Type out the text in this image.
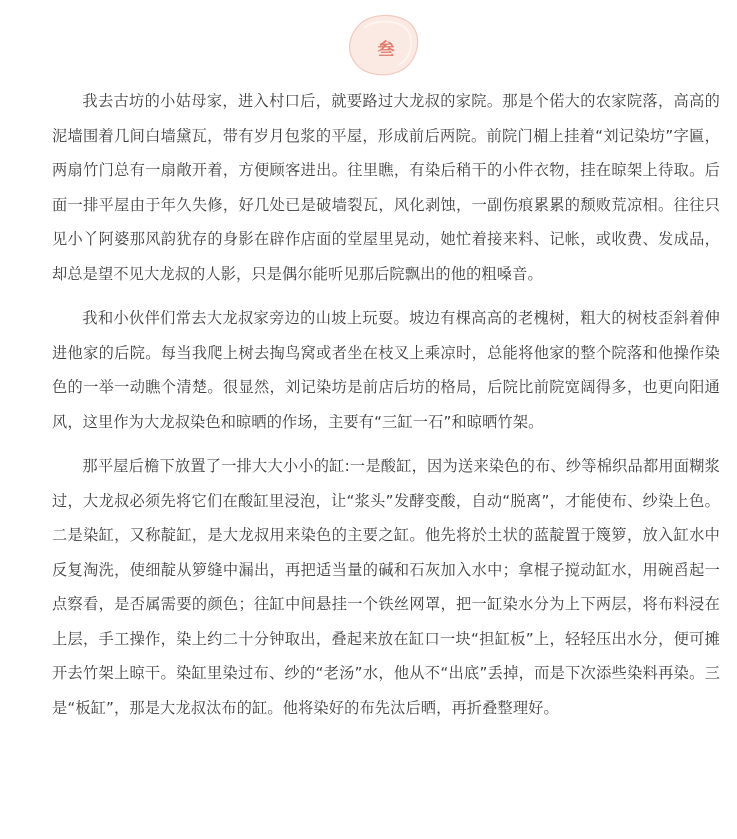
叁

我去古坊的小姑母家，进入村口后，就要路过大龙叔的家院。那是个偌大的农家院落，高高的泥墙围着几间白墙黛瓦，带有岁月包浆的平屋，形成前后两院。前院门楣上挂着“刘记染坊”字匾，两扇竹门总有一扇敞开着，方便顾客进出。往里瞧，有染后稍干的小件衣物，挂在晾架上待取。后面一排平屋由于年久失修，好几处已是破墙裂瓦，风化剥蚀，一副伤痕累累的颓败荒凉相。往往只见小丫阿婆那风韵犹存的身影在辟作店面的堂屋里晃动，她忙着接来料、记帐，或收费、发成品，却总是望不见大龙叔的人影，只是偶尔能听见那后院飘出的他的粗嗓音。

我和小伙伴们常去大龙叔家旁边的山坡上玩耍。坡边有棵高高的老槐树，粗大的树枝歪斜着伸进他家的后院。每当我爬上树去掏鸟窝或者坐在枝叉上乘凉时，总能将他家的整个院落和他操作染色的一举一动瞧个清楚。很显然，刘记染坊是前店后坊的格局，后院比前院宽阔得多，也更向阳通风，这里作为大龙叔染色和晾晒的作场，主要有“三缸一石”和晾晒竹架。

那平屋后檐下放置了一排大大小小的缸:一是酸缸，因为送来染色的布、纱等棉织品都用面糊浆过，大龙叔必须先将它们在酸缸里浸泡，让“浆头”发酵变酸，自动“脱离”，才能使布、纱染上色。二是染缸，又称靛缸，是大龙叔用来染色的主要之缸。他先将於土状的蓝靛置于篾箩，放入缸水中反复淘洗，使细靛从箩缝中漏出，再把适当量的碱和石灰加入水中；拿棍子搅动缸水，用碗舀起一点察看，是否属需要的颜色；往缸中间悬挂一个铁丝网罩，把一缸染水分为上下两层，将布料浸在上层，手工操作，染上约二十分钟取出，叠起来放在缸口一块“担缸板”上，轻轻压出水分，便可摊开去竹架上晾干。染缸里染过布、纱的“老汤”水，他从不“出底”丢掉，而是下次添些染料再染。三是“板缸”，那是大龙叔汰布的缸。他将染好的布先汰后晒，再折叠整理好。
